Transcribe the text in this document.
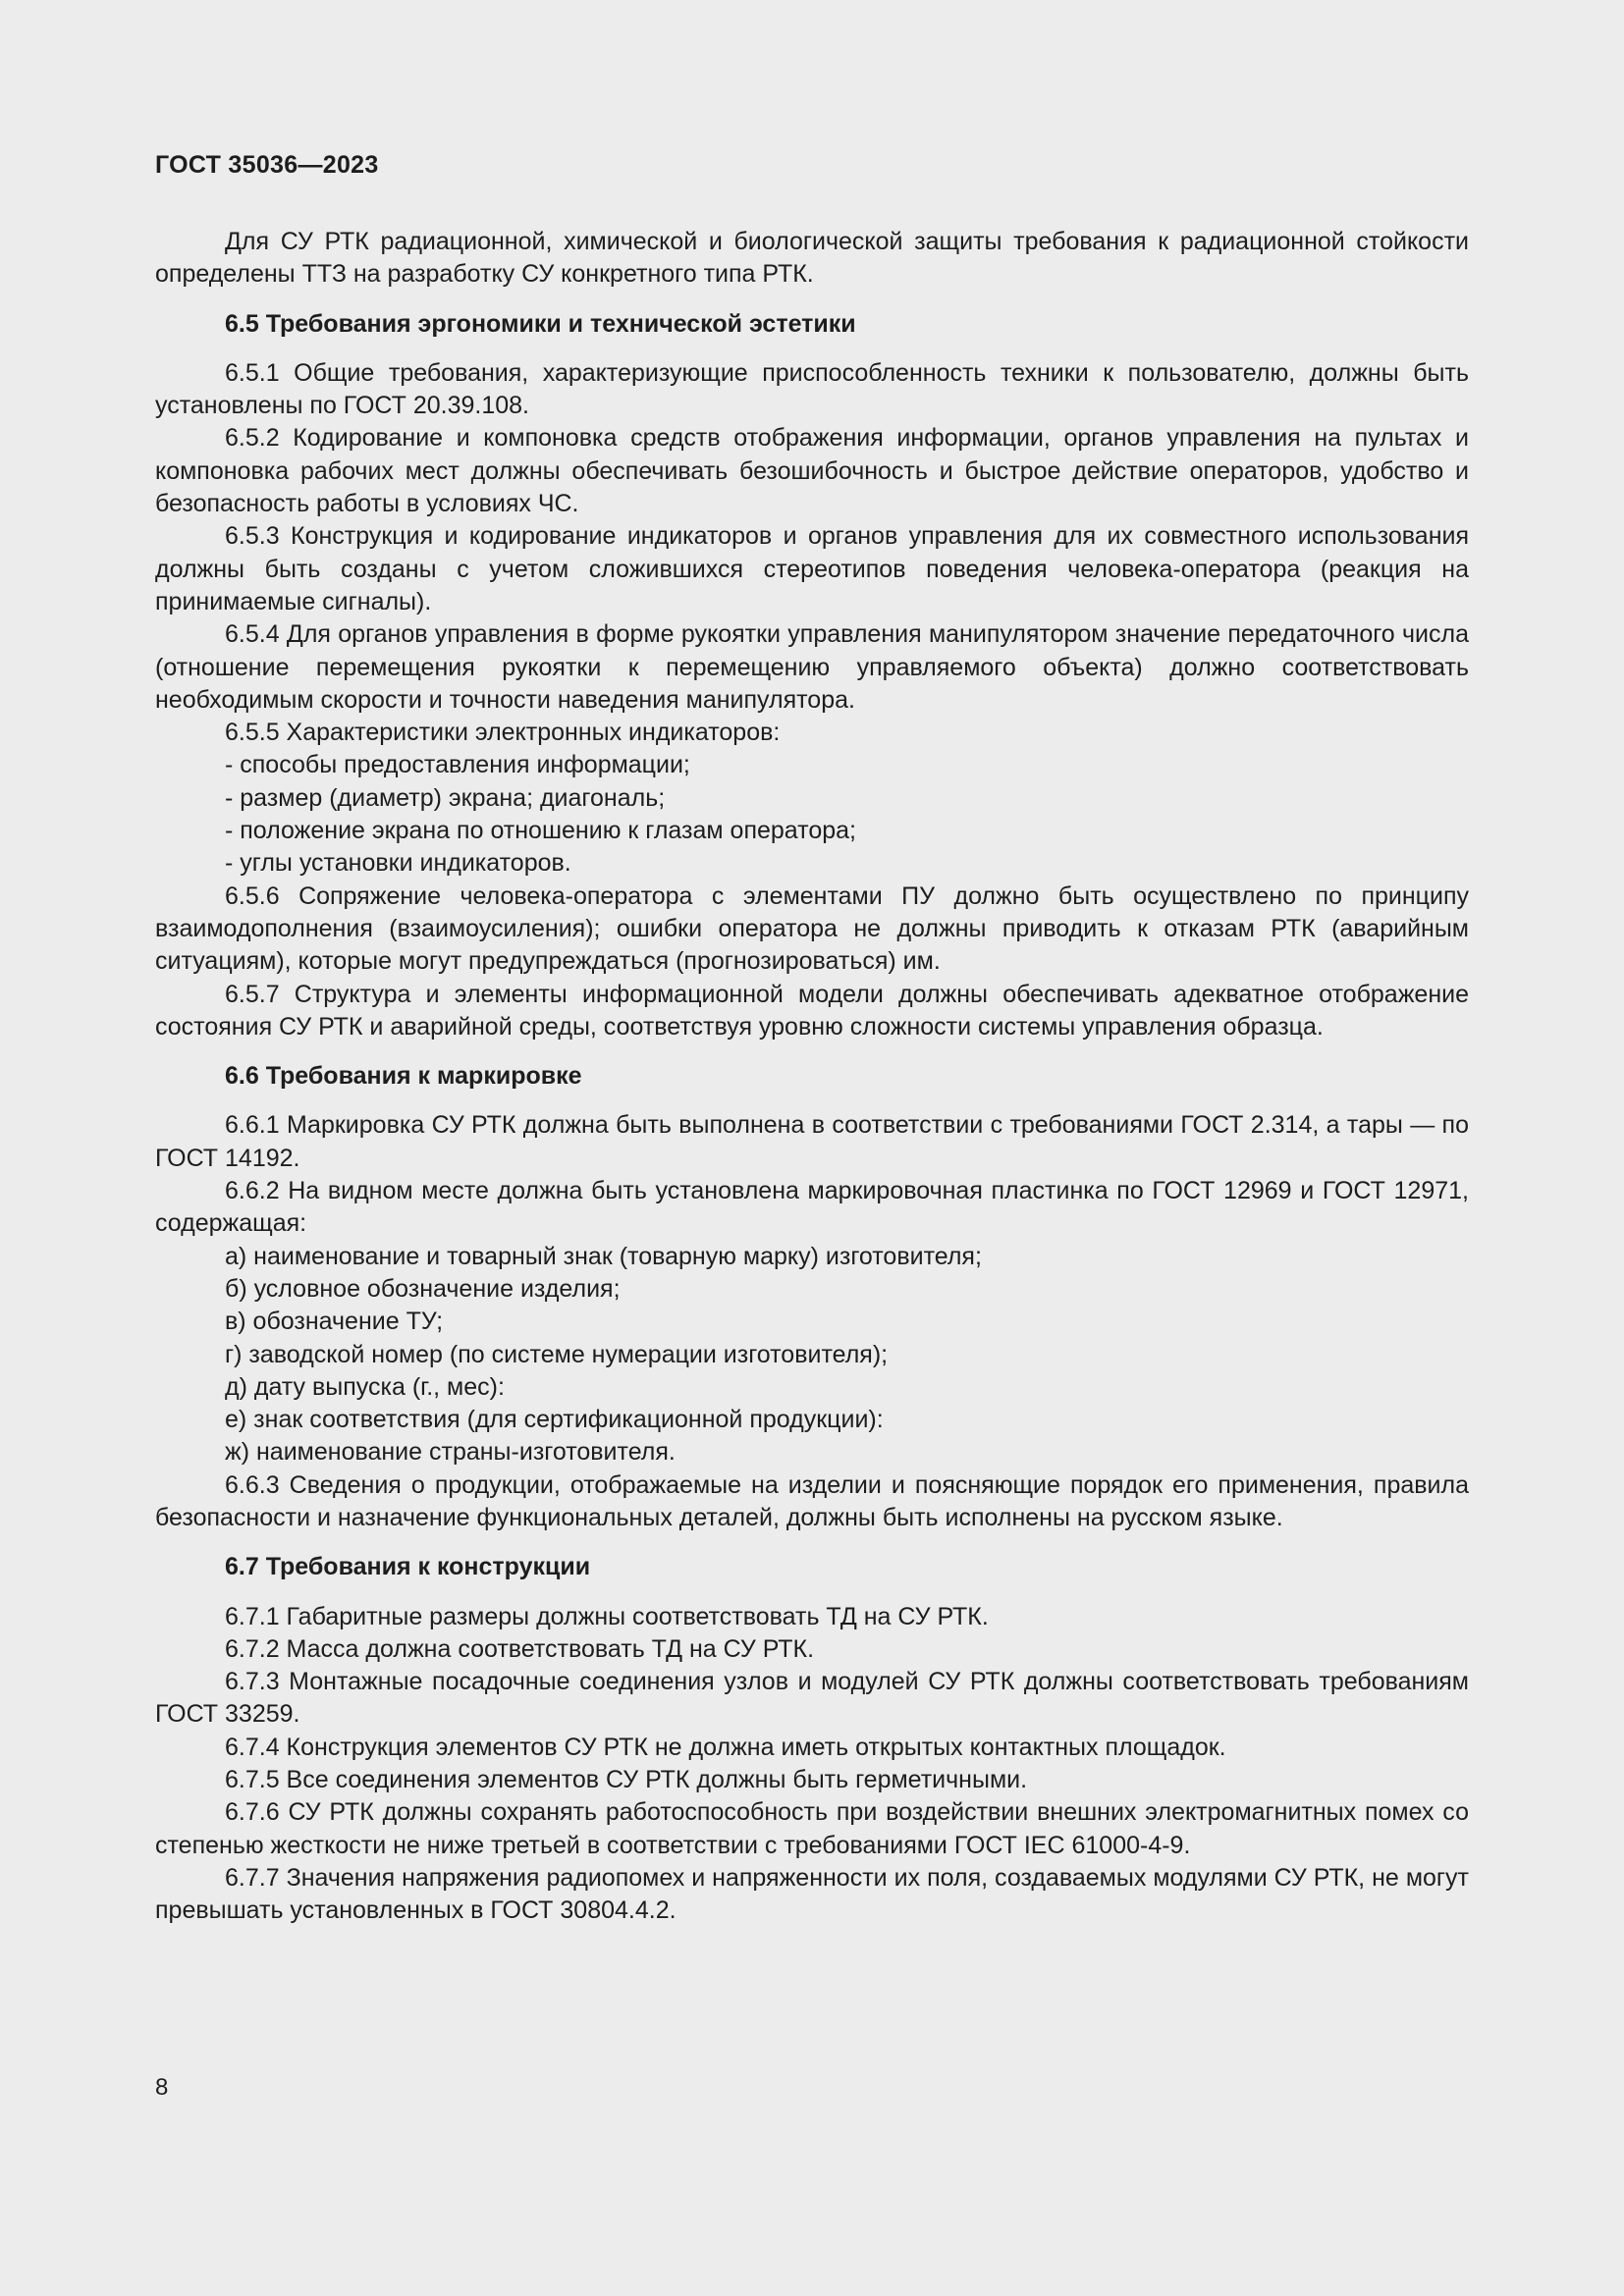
ГОСТ 35036—2023

Для СУ РТК радиационной, химической и биологической защиты требования к радиационной стойкости определены ТТЗ на разработку СУ конкретного типа РТК.

6.5 Требования эргономики и технической эстетики

6.5.1 Общие требования, характеризующие приспособленность техники к пользователю, должны быть установлены по ГОСТ 20.39.108.

6.5.2 Кодирование и компоновка средств отображения информации, органов управления на пультах и компоновка рабочих мест должны обеспечивать безошибочность и быстрое действие операторов, удобство и безопасность работы в условиях ЧС.

6.5.3 Конструкция и кодирование индикаторов и органов управления для их совместного использования должны быть созданы с учетом сложившихся стереотипов поведения человека-оператора (реакция на принимаемые сигналы).

6.5.4 Для органов управления в форме рукоятки управления манипулятором значение передаточного числа (отношение перемещения рукоятки к перемещению управляемого объекта) должно соответствовать необходимым скорости и точности наведения манипулятора.

6.5.5 Характеристики электронных индикаторов:

- способы предоставления информации;

- размер (диаметр) экрана; диагональ;

- положение экрана по отношению к глазам оператора;

- углы установки индикаторов.

6.5.6 Сопряжение человека-оператора с элементами ПУ должно быть осуществлено по принципу взаимодополнения (взаимоусиления); ошибки оператора не должны приводить к отказам РТК (аварийным ситуациям), которые могут предупреждаться (прогнозироваться) им.

6.5.7 Структура и элементы информационной модели должны обеспечивать адекватное отображение состояния СУ РТК и аварийной среды, соответствуя уровню сложности системы управления образца.

6.6 Требования к маркировке

6.6.1 Маркировка СУ РТК должна быть выполнена в соответствии с требованиями ГОСТ 2.314, а тары — по ГОСТ 14192.

6.6.2 На видном месте должна быть установлена маркировочная пластинка по ГОСТ 12969 и ГОСТ 12971, содержащая:

а) наименование и товарный знак (товарную марку) изготовителя;

б) условное обозначение изделия;

в) обозначение ТУ;

г) заводской номер (по системе нумерации изготовителя);

д) дату выпуска (г., мес):

е) знак соответствия (для сертификационной продукции):

ж) наименование страны-изготовителя.

6.6.3 Сведения о продукции, отображаемые на изделии и поясняющие порядок его применения, правила безопасности и назначение функциональных деталей, должны быть исполнены на русском языке.

6.7 Требования к конструкции

6.7.1 Габаритные размеры должны соответствовать ТД на СУ РТК.

6.7.2 Масса должна соответствовать ТД на СУ РТК.

6.7.3 Монтажные посадочные соединения узлов и модулей СУ РТК должны соответствовать требованиям ГОСТ 33259.

6.7.4 Конструкция элементов СУ РТК не должна иметь открытых контактных площадок.

6.7.5 Все соединения элементов СУ РТК должны быть герметичными.

6.7.6 СУ РТК должны сохранять работоспособность при воздействии внешних электромагнитных помех со степенью жесткости не ниже третьей в соответствии с требованиями ГОСТ IEC 61000-4-9.

6.7.7 Значения напряжения радиопомех и напряженности их поля, создаваемых модулями СУ РТК, не могут превышать установленных в ГОСТ 30804.4.2.

8
